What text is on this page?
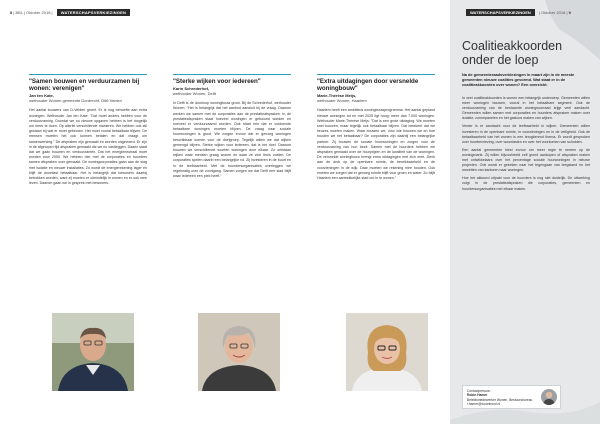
8 | BBL | Oktober 2018 | WATERSCHAPSVERKIEZINGEN
"Samen bouwen en verduurzamen bij wonen: verenigen"
Jan ten Kate,
wethouder Wonen gemeente Dordrecht, D66 Velden
Het aantal bouwers van D-Velden groeit. Er is nog behoefte aan extra woningen. Wethouder Jan ten Kate: "Dat moet anders hebben voor de verduurzaming. Doordat we nu nieuwe opgaven hebben is het mogelijk om meer te doen. Op allerlei verschillende manieren. We hebben ook stil gestaan bij wat er moet gebeuren. Het moet vooral betaalbaar blijven. De mensen moeten het ook kunnen betalen en dat vraagt om samenwerking." De afspraken zijn gemaakt en worden uitgevoerd. Er zijn in de afgelopen tijd afspraken gemaakt die we nu vastleggen. Daarin staat dat we gaan bouwen en verduurzamen. Dat het energieneutraal moet worden voor 2050. We hebben hier met de corporaties en huurders samen afspraken over gemaakt. De woningcorporaties gaan aan de slag met isolatie en nieuwe installaties. Zo wordt de energierekening lager en blijft de woonlast betaalbaar. Het is belangrijk dat bewoners daarbij betrokken worden, want zij moeten er uiteindelijk in wonen en er ook mee leven. Daarom gaan we in gesprek met bewoners.
"Sterke wijken voor iedereen"
Karin Schrederhof,
wethouder Wonen, Delft
In Delft is de doorloop woningbouw groot. Bij de Schrederhof, wethouder Wonen: "Het is belangrijk dat het aanbod aansluit bij de vraag. Daarom werken we samen met de corporaties aan de prestatieafspraken. In de prestatieafspraken staat hoeveel woningen er gebouwd worden en hoeveel er verduurzaamd worden. Ook staat erin dat er voldoende betaalbare woningen moeten blijven. De vraag naar sociale huurwoningen is groot. We zorgen ervoor dat er genoeg woningen beschikbaar komen voor de doelgroep. Tegelijk willen we dat wijken gemengd blijven. Sterke wijken voor iedereen, dat is het doel. Daarom bouwen we verschillende soorten woningen door elkaar. Zo ontstaan wijken waar mensen graag wonen en waar ze zich thuis voelen. De corporaties spelen daarin een belangrijke rol. Zij investeren in de buurt en in de leefbaarheid. Met de huurdersorganisaties overleggen we regelmatig over de voortgang. Samen zorgen we dat Delft een stad blijft waar iedereen een plek heeft."
"Extra uitdagingen door versnelde woningbouw"
Marie-Thérèse Meijs,
wethouder Wonen, Haarlem
Haarlem heeft een ambitieus woningbouwprogramma. Het aantal gepland nieuwe woningen tot en met 2025 ligt hoog: meer dan 7.000 woningen. Wethouder Marie-Thérèse Meijs: "Dat is een grote uitdaging. We moeten snel bouwen, maar tegelijk ook betaalbaar blijven. Dat betekent dat we keuzes moeten maken. Waar bouwen we, voor wie bouwen we en hoe houden we het betaalbaar? De corporaties zijn daarbij een belangrijke partner. Zij bouwen de sociale huurwoningen en zorgen voor de verduurzaming van hun bezit. Samen met de huurders hebben we afspraken gemaakt over de huurprijzen en de kwaliteit van de woningen. De versnelde woningbouw brengt extra uitdagingen met zich mee. Denk aan de druk op de openbare ruimte, de bereikbaarheid en de voorzieningen in de wijk. Daar moeten we rekening mee houden. Ook moeten we zorgen dat er genoeg ruimte blijft voor groen en water. Zo blijft Haarlem een aantrekkelijke stad om in te wonen."
WATERSCHAPSVERKIEZINGEN | Oktober 2018 | 9
Coalitieakkoorden onder de loep
Na de gemeenteraadsverkiezingen in maart zijn in de meeste gemeenten nieuwe coalities gevormd. Wat staat er in de coalitieakkoorden over wonen? Een overzicht.

In veel coalitieakkoorden is wonen een belangrijk onderwerp. Gemeenten willen meer woningen bouwen, vooral in het betaalbare segment. Ook de verduurzaming van de bestaande woningvoorraad krijgt veel aandacht. Gemeenten willen samen met corporaties en huurders afspraken maken over isolatie, zonnepanelen en het gasloos maken van wijken.

Verder is er aandacht voor de leefbaarheid in wijken. Gemeenten willen investeren in de openbare ruimte, in voorzieningen en in de veiligheid. Ook de betaalbaarheid van het wonen is een terugkerend thema. Er wordt gesproken over huurbevriezing, over woonlasten en over het voorkomen van schulden.

Een aantal gemeenten kiest ervoor om meer regie te nemen op de woningmarkt. Zij willen bijvoorbeeld zelf grond aankopen of afspraken maken met ontwikkelaars over het percentage sociale huurwoningen in nieuwe projecten. Ook wordt er gekeken naar het tegengaan van leegstand en het omzetten van kantoren naar woningen.

Hoe het akkoord uitpakt voor de huurders is nog niet duidelijk. De uitwerking volgt in de prestatieafspraken die corporaties, gemeenten en huurdersorganisaties met elkaar maken.

Contactpersoon
Robin Hamer
Beleidsmedewerker Wonen, Bestuursbureau
r.hamer@woonbond.nl
